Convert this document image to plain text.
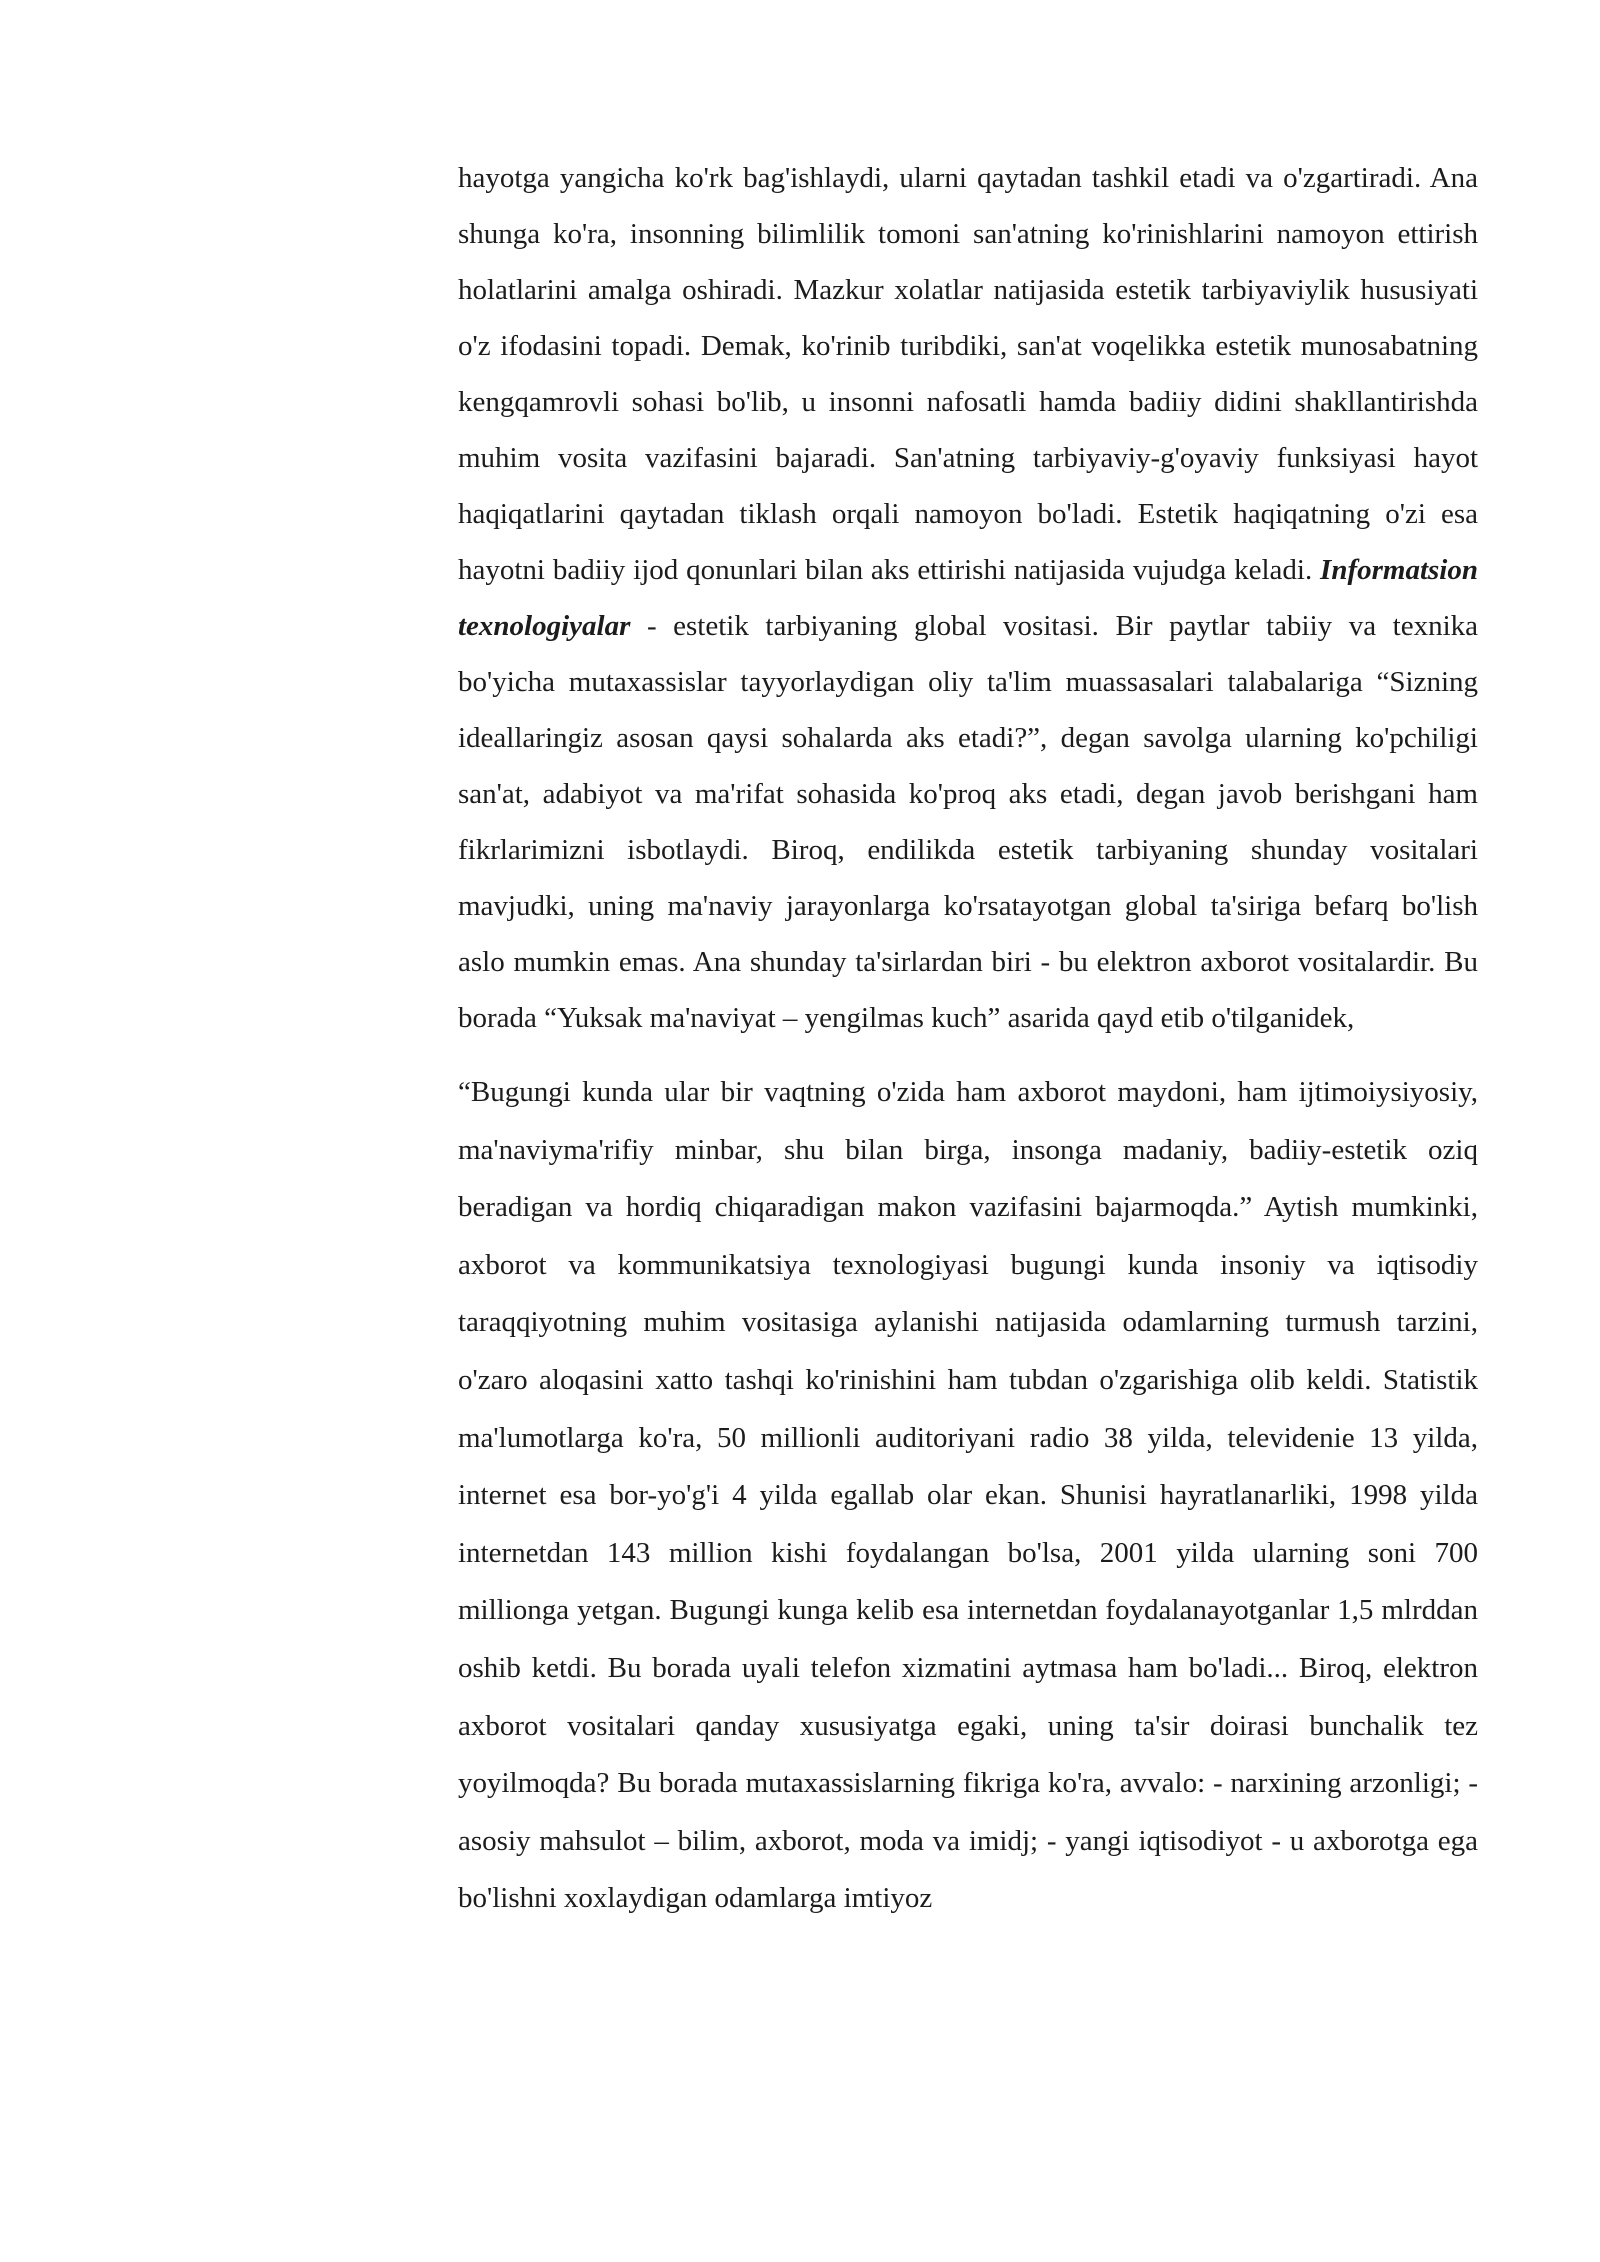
hayotga yangicha ko'rk bag'ishlaydi, ularni qaytadan tashkil etadi va o'zgartiradi. Ana shunga ko'ra, insonning bilimlilik tomoni san'atning ko'rinishlarini namoyon ettirish holatlarini amalga oshiradi. Mazkur xolatlar natijasida estetik tarbiyaviylik hususiyati o'z ifodasini topadi. Demak, ko'rinib turibdiki, san'at voqelikka estetik munosabatning kengqamrovli sohasi bo'lib, u insonni nafosatli hamda badiiy didini shakllantirishda muhim vosita vazifasini bajaradi. San'atning tarbiyaviy-g'oyaviy funksiyasi hayot haqiqatlarini qaytadan tiklash orqali namoyon bo'ladi. Estetik haqiqatning o'zi esa hayotni badiiy ijod qonunlari bilan aks ettirishi natijasida vujudga keladi. Informatsion texnologiyalar - estetik tarbiyaning global vositasi. Bir paytlar tabiiy va texnika bo'yicha mutaxassislar tayyorlaydigan oliy ta'lim muassasalari talabalariga “Sizning ideallaringiz asosan qaysi sohalarda aks etadi?”, degan savolga ularning ko'pchiligi san'at, adabiyot va ma'rifat sohasida ko'proq aks etadi, degan javob berishgani ham fikrlarimizni isbotlaydi. Biroq, endilikda estetik tarbiyaning shunday vositalari mavjudki, uning ma'naviy jarayonlarga ko'rsatayotgan global ta'siriga befarq bo'lish aslo mumkin emas. Ana shunday ta'sirlardan biri - bu elektron axborot vositalardir. Bu borada “Yuksak ma'naviyat – yengilmas kuch” asarida qayd etib o'tilganidek,

“Bugungi kunda ular bir vaqtning o'zida ham axborot maydoni, ham ijtimoiysiyosiy, ma'naviyma'rifiy minbar, shu bilan birga, insonga madaniy, badiiy-estetik oziq beradigan va hordiq chiqaradigan makon vazifasini bajarmoqda.” Aytish mumkinki, axborot va kommunikatsiya texnologiyasi bugungi kunda insoniy va iqtisodiy taraqqiyotning muhim vositasiga aylanishi natijasida odamlarning turmush tarzini, o'zaro aloqasini xatto tashqi ko'rinishini ham tubdan o'zgarishiga olib keldi. Statistik ma'lumotlarga ko'ra, 50 millionli auditoriyani radio 38 yilda, televidenie 13 yilda, internet esa bor-yo'g'i 4 yilda egallab olar ekan. Shunisi hayratlanarliki, 1998 yilda internetdan 143 million kishi foydalangan bo'lsa, 2001 yilda ularning soni 700 millionga yetgan. Bugungi kunga kelib esa internetdan foydalanayotganlar 1,5 mlrddan oshib ketdi. Bu borada uyali telefon xizmatini aytmasa ham bo'ladi... Biroq, elektron axborot vositalari qanday xususiyatga egaki, uning ta'sir doirasi bunchalik tez yoyilmoqda? Bu borada mutaxassislarning fikriga ko'ra, avvalo: - narxining arzonligi; - asosiy mahsulot – bilim, axborot, moda va imidj; - yangi iqtisodiyot - u axborotga ega bo'lishni xoxlaydigan odamlarga imtiyoz
